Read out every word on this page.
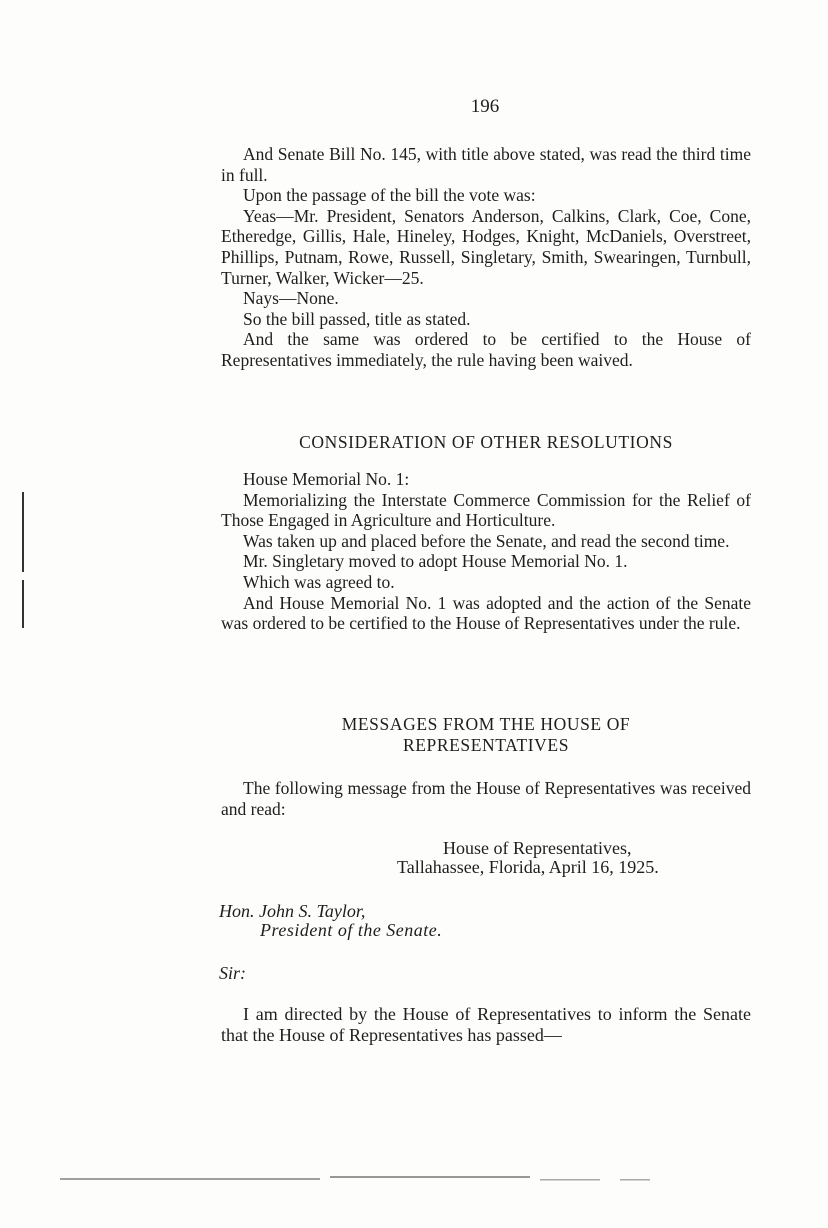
196

And Senate Bill No. 145, with title above stated, was read the third time in full.

Upon the passage of the bill the vote was:

Yeas—Mr. President, Senators Anderson, Calkins, Clark, Coe, Cone, Etheredge, Gillis, Hale, Hineley, Hodges, Knight, McDaniels, Overstreet, Phillips, Putnam, Rowe, Russell, Singletary, Smith, Swearingen, Turnbull, Turner, Walker, Wicker—25.

Nays—None.

So the bill passed, title as stated.

And the same was ordered to be certified to the House of Representatives immediately, the rule having been waived.

CONSIDERATION OF OTHER RESOLUTIONS

House Memorial No. 1:

Memorializing the Interstate Commerce Commission for the Relief of Those Engaged in Agriculture and Horticulture.

Was taken up and placed before the Senate, and read the second time.

Mr. Singletary moved to adopt House Memorial No. 1.

Which was agreed to.

And House Memorial No. 1 was adopted and the action of the Senate was ordered to be certified to the House of Representatives under the rule.

MESSAGES FROM THE HOUSE OF
REPRESENTATIVES

The following message from the House of Representatives was received and read:

House of Representatives,
Tallahassee, Florida, April 16, 1925.
Hon. John S. Taylor,
President of the Senate.
Sir:

I am directed by the House of Representatives to inform the Senate that the House of Representatives has passed—
